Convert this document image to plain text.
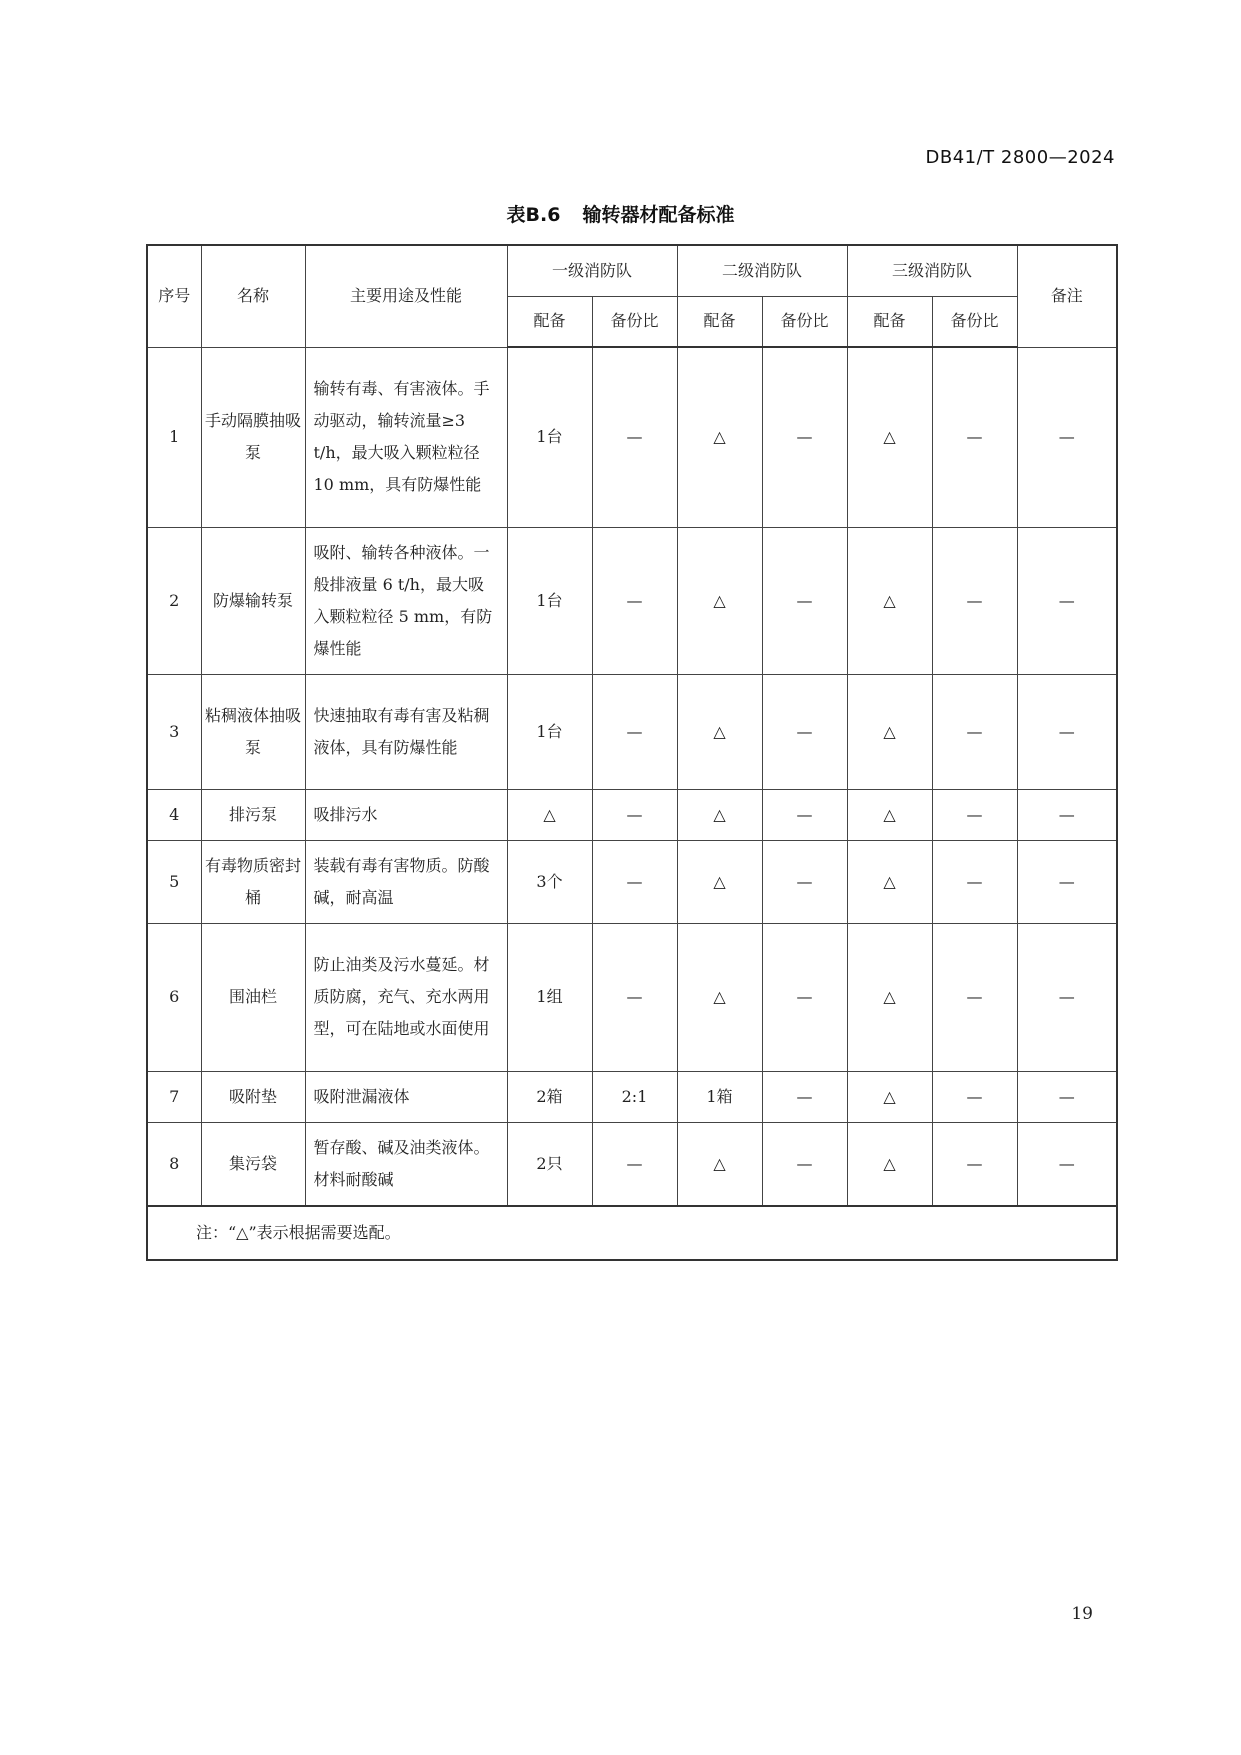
DB41/T 2800—2024
表B.6 输转器材配备标准
序号	名称	主要用途及性能	一级消防队		二级消防队		三级消防队		备注
			配备	备份比	配备	备份比	配备	备份比	
1	手动隔膜抽吸泵	输转有毒、有害液体。手动驱动，输转流量≥3 t/h，最大吸入颗粒粒径 10 mm，具有防爆性能	1台	—	△	—	△	—	—
2	防爆输转泵	吸附、输转各种液体。一般排液量 6 t/h，最大吸入颗粒粒径 5 mm，有防爆性能	1台	—	△	—	△	—	—
3	粘稠液体抽吸泵	快速抽取有毒有害及粘稠液体，具有防爆性能	1台	—	△	—	△	—	—
4	排污泵	吸排污水	△	—	△	—	△	—	—
5	有毒物质密封桶	装载有毒有害物质。防酸碱，耐高温	3个	—	△	—	△	—	—
6	围油栏	防止油类及污水蔓延。材质防腐，充气、充水两用型，可在陆地或水面使用	1组	—	△	—	△	—	—
7	吸附垫	吸附泄漏液体	2箱	2:1	1箱	—	△	—	—
8	集污袋	暂存酸、碱及油类液体。材料耐酸碱	2只	—	△	—	△	—	—
注：“△”表示根据需要选配。									
19
